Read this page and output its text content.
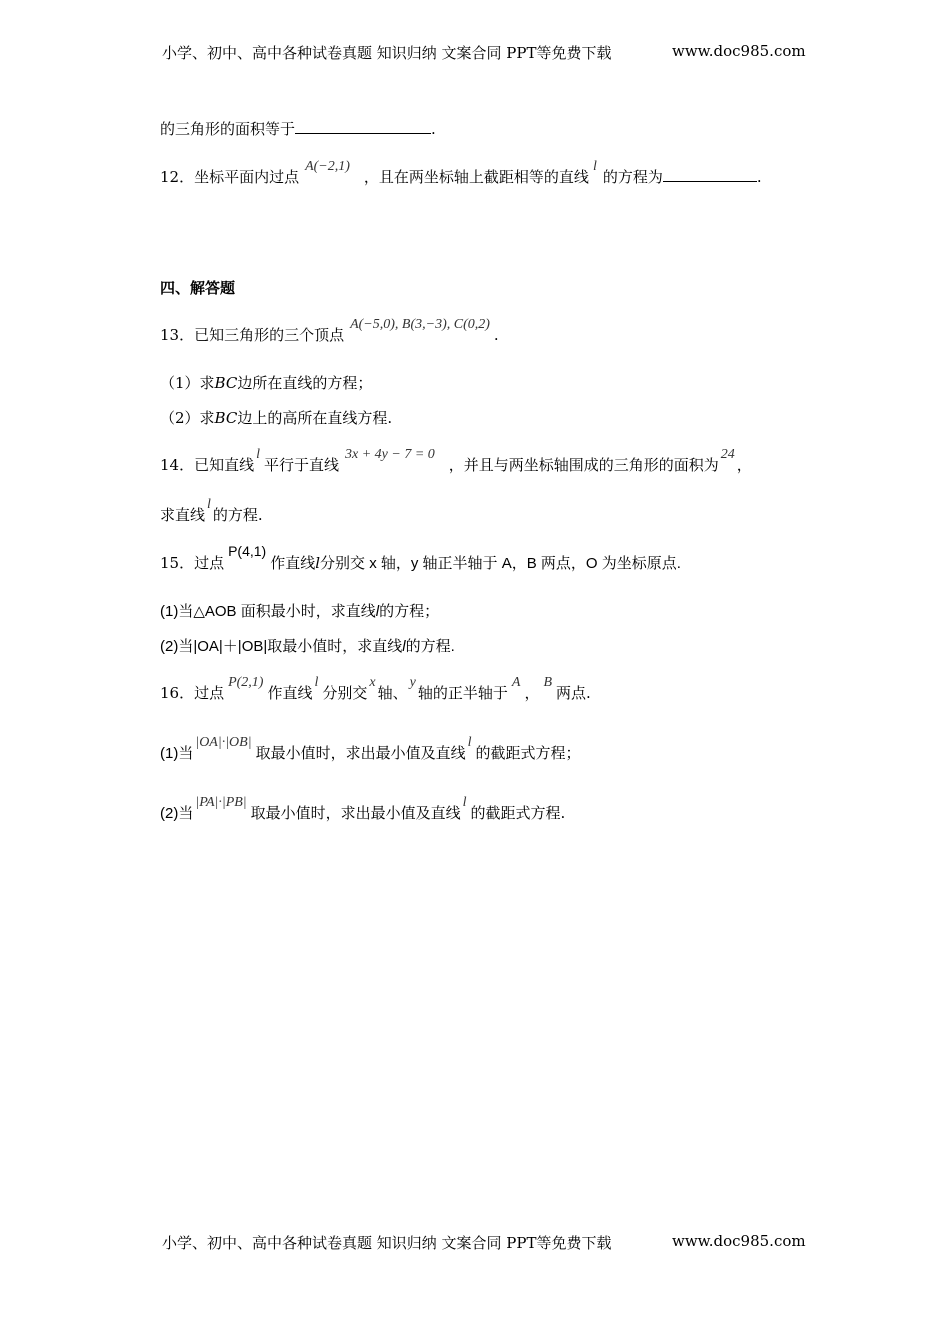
小学、初中、高中各种试卷真题 知识归纳 文案合同 PPT等免费下载	www.doc985.com
的三角形的面积等于	.
12．坐标平面内过点A(−2,1)，且在两坐标轴上截距相等的直线l的方程为	.
四、解答题
13．已知三角形的三个顶点A(−5,0), B(3,−3), C(0,2).
（1）求BC边所在直线的方程；
（2）求BC边上的高所在直线方程.
14．已知直线l平行于直线3x + 4y − 7 = 0，并且与两坐标轴围成的三角形的面积为24，
求直线l的方程.
15．过点P(4,1)作直线l分别交 x 轴，y 轴正半轴于 A，B 两点，O 为坐标原点.
(1)当△AOB 面积最小时，求直线l的方程；
(2)当|OA|＋|OB|取最小值时，求直线l的方程.
16．过点P(2,1)作直线l分别交x轴、y轴的正半轴于A，B两点.
(1)当|OA|·|OB|取最小值时，求出最小值及直线l的截距式方程；
(2)当|PA|·|PB|取最小值时，求出最小值及直线l的截距式方程.
小学、初中、高中各种试卷真题 知识归纳 文案合同 PPT等免费下载	www.doc985.com
